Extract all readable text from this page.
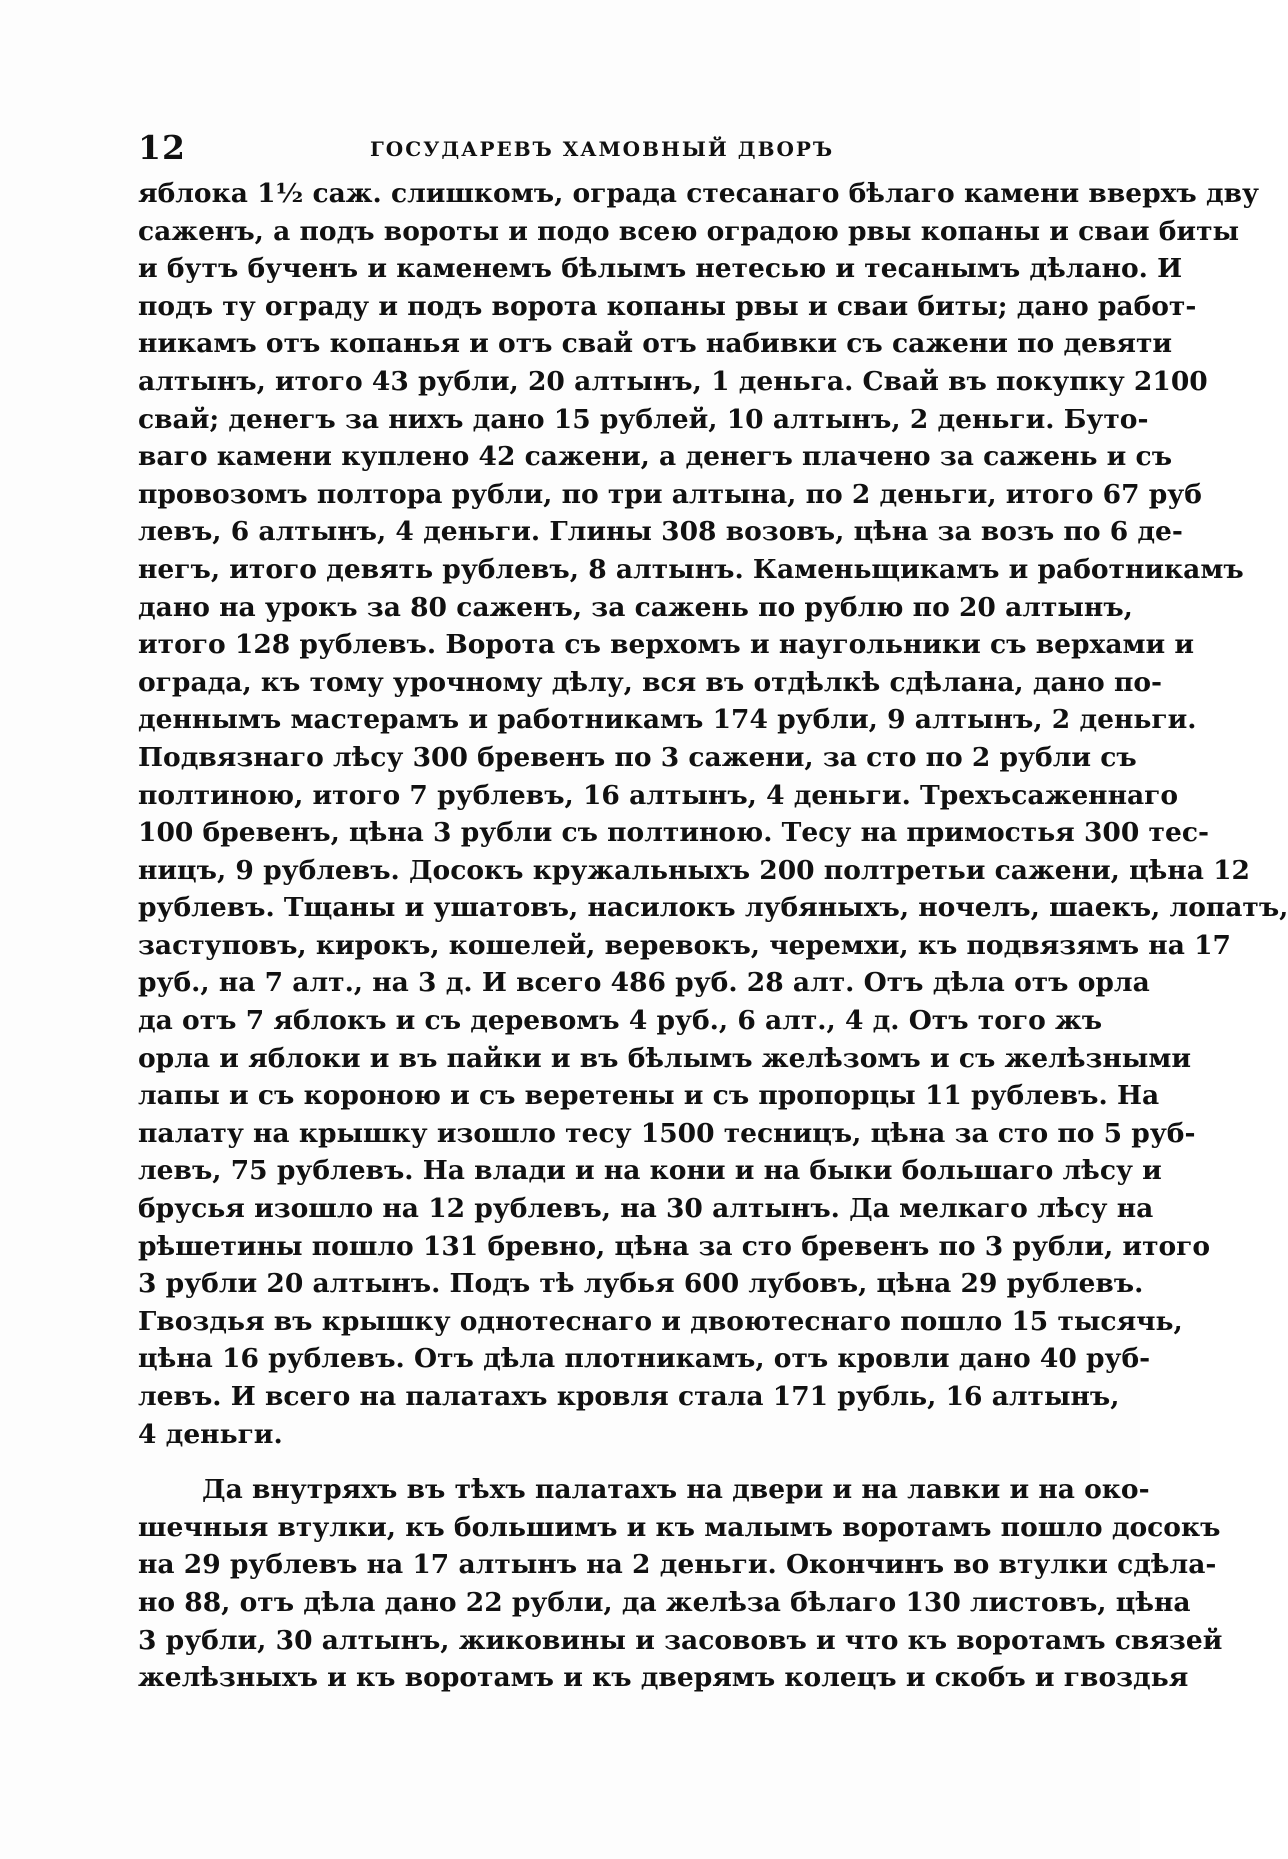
12	ГОСУДАРЕВЪ ХАМОВНЫЙ ДВОРЪ
яблока 1½ саж. слишкомъ, ограда стесанаго бѣлаго камени вверхъ дву
саженъ, а подъ вороты и подо всею оградою рвы копаны и сваи биты
и бутъ бученъ и каменемъ бѣлымъ нетесью и тесанымъ дѣлано. И
подъ ту ограду и подъ ворота копаны рвы и сваи биты; дано работ-
никамъ отъ копанья и отъ свай отъ набивки съ сажени по девяти
алтынъ, итого 43 рубли, 20 алтынъ, 1 деньга. Свай въ покупку 2100
свай; денегъ за нихъ дано 15 рублей, 10 алтынъ, 2 деньги. Буто-
ваго камени куплено 42 сажени, а денегъ плачено за сажень и съ
провозомъ полтора рубли, по три алтына, по 2 деньги, итого 67 руб
левъ, 6 алтынъ, 4 деньги. Глины 308 возовъ, цѣна за возъ по 6 де-
негъ, итого девять рублевъ, 8 алтынъ. Каменьщикамъ и работникамъ
дано на урокъ за 80 саженъ, за сажень по рублю по 20 алтынъ,
итого 128 рублевъ. Ворота съ верхомъ и наугольники съ верхами и
ограда, къ тому урочному дѣлу, вся въ отдѣлкѣ сдѣлана, дано по-
деннымъ мастерамъ и работникамъ 174 рубли, 9 алтынъ, 2 деньги.
Подвязнаго лѣсу 300 бревенъ по 3 сажени, за сто по 2 рубли съ
полтиною, итого 7 рублевъ, 16 алтынъ, 4 деньги. Трехъсаженнаго
100 бревенъ, цѣна 3 рубли съ полтиною. Тесу на примостья 300 тес-
ницъ, 9 рублевъ. Досокъ кружальныхъ 200 полтретьи сажени, цѣна 12
рублевъ. Тщаны и ушатовъ, насилокъ лубяныхъ, ночелъ, шаекъ, лопатъ,
заступовъ, кирокъ, кошелей, веревокъ, черемхи, къ подвязямъ на 17
руб., на 7 алт., на 3 д. И всего 486 руб. 28 алт. Отъ дѣла отъ орла
да отъ 7 яблокъ и съ деревомъ 4 руб., 6 алт., 4 д. Отъ того жъ
орла и яблоки и въ пайки и въ бѣлымъ желѣзомъ и съ желѣзными
лапы и съ короною и съ веретены и съ пропорцы 11 рублевъ. На
палату на крышку изошло тесу 1500 тесницъ, цѣна за сто по 5 руб-
левъ, 75 рублевъ. На влади и на кони и на быки большаго лѣсу и
брусья изошло на 12 рублевъ, на 30 алтынъ. Да мелкаго лѣсу на
рѣшетины пошло 131 бревно, цѣна за сто бревенъ по 3 рубли, итого
3 рубли 20 алтынъ. Подъ тѣ лубья 600 лубовъ, цѣна 29 рублевъ.
Гвоздья въ крышку однотеснаго и двоютеснаго пошло 15 тысячь,
цѣна 16 рублевъ. Отъ дѣла плотникамъ, отъ кровли дано 40 руб-
левъ. И всего на палатахъ кровля стала 171 рубль, 16 алтынъ,
4 деньги.
Да внутряхъ въ тѣхъ палатахъ на двери и на лавки и на око-
шечныя втулки, къ большимъ и къ малымъ воротамъ пошло досокъ
на 29 рублевъ на 17 алтынъ на 2 деньги. Окончинъ во втулки сдѣла-
но 88, отъ дѣла дано 22 рубли, да желѣза бѣлаго 130 листовъ, цѣна
3 рубли, 30 алтынъ, жиковины и засововъ и что къ воротамъ связей
желѣзныхъ и къ воротамъ и къ дверямъ колецъ и скобъ и гвоздья
